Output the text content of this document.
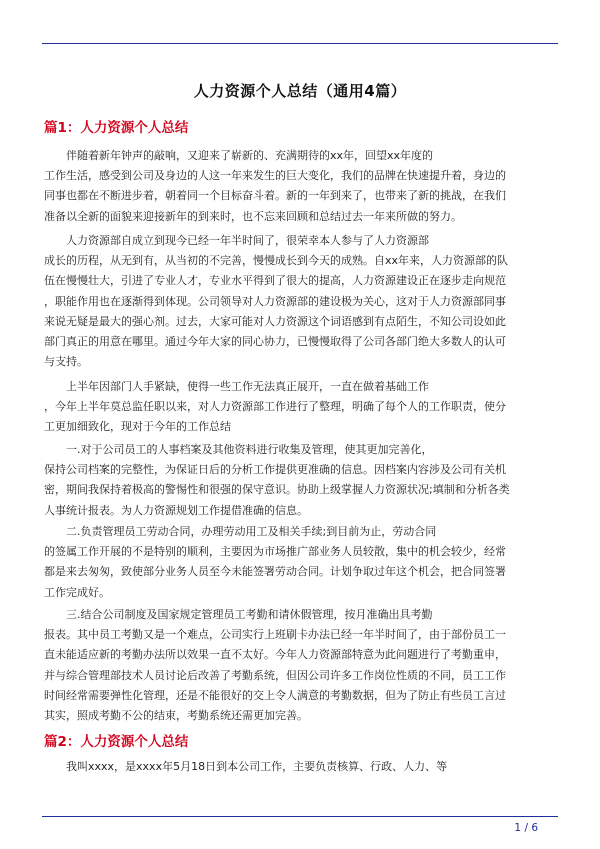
人力资源个人总结（通用4篇）
篇1：人力资源个人总结
伴随着新年钟声的敲响，又迎来了崭新的、充满期待的xx年，回望xx年度的
工作生活，感受到公司及身边的人这一年来发生的巨大变化，我们的品牌在快速提升着，身边的
同事也都在不断进步着，朝着同一个目标奋斗着。新的一年到来了，也带来了新的挑战，在我们
准备以全新的面貌来迎接新年的到来时，也不忘来回顾和总结过去一年来所做的努力。
人力资源部自成立到现今已经一年半时间了，很荣幸本人参与了人力资源部
成长的历程，从无到有，从当初的不完善，慢慢成长到今天的成熟。自xx年来，人力资源部的队
伍在慢慢壮大，引进了专业人才，专业水平得到了很大的提高，人力资源建设正在逐步走向规范
，职能作用也在逐渐得到体现。公司领导对人力资源部的建设极为关心，这对于人力资源部同事
来说无疑是最大的强心剂。过去，大家可能对人力资源这个词语感到有点陌生，不知公司设如此
部门真正的用意在哪里。通过今年大家的同心协力，已慢慢取得了公司各部门绝大多数人的认可
与支持。
上半年因部门人手紧缺，使得一些工作无法真正展开，一直在做着基础工作
，今年上半年莫总监任职以来，对人力资源部工作进行了整理，明确了每个人的工作职责，使分
工更加细致化，现对于今年的工作总结
一.对于公司员工的人事档案及其他资料进行收集及管理，使其更加完善化，
保持公司档案的完整性，为保证日后的分析工作提供更准确的信息。因档案内容涉及公司有关机
密，期间我保持着极高的警惕性和很强的保守意识。协助上级掌握人力资源状况;填制和分析各类
人事统计报表。为人力资源规划工作提借准确的信息。
二.负责管理员工劳动合同，办理劳动用工及相关手续;到目前为止，劳动合同
的签属工作开展的不是特别的顺利，主要因为市场推广部业务人员较散，集中的机会较少，经常
都是来去匆匆，致使部分业务人员至今未能签署劳动合同。计划争取过年这个机会，把合同签署
工作完成好。
三.结合公司制度及国家规定管理员工考勤和请休假管理，按月准确出具考勤
报表。其中员工考勤又是一个难点，公司实行上班刷卡办法已经一年半时间了，由于部份员工一
直未能适应新的考勤办法所以效果一直不太好。今年人力资源部特意为此问题进行了考勤重申，
并与综合管理部技术人员讨论后改善了考勤系统，但因公司许多工作岗位性质的不同，员工工作
时间经常需要弹性化管理，还是不能很好的交上令人满意的考勤数据，但为了防止有些员工言过
其实，照成考勤不公的结束，考勤系统还需更加完善。
篇2：人力资源个人总结
我叫xxxx，是xxxx年5月18日到本公司工作，主要负责核算、行政、人力、等
1 / 6
